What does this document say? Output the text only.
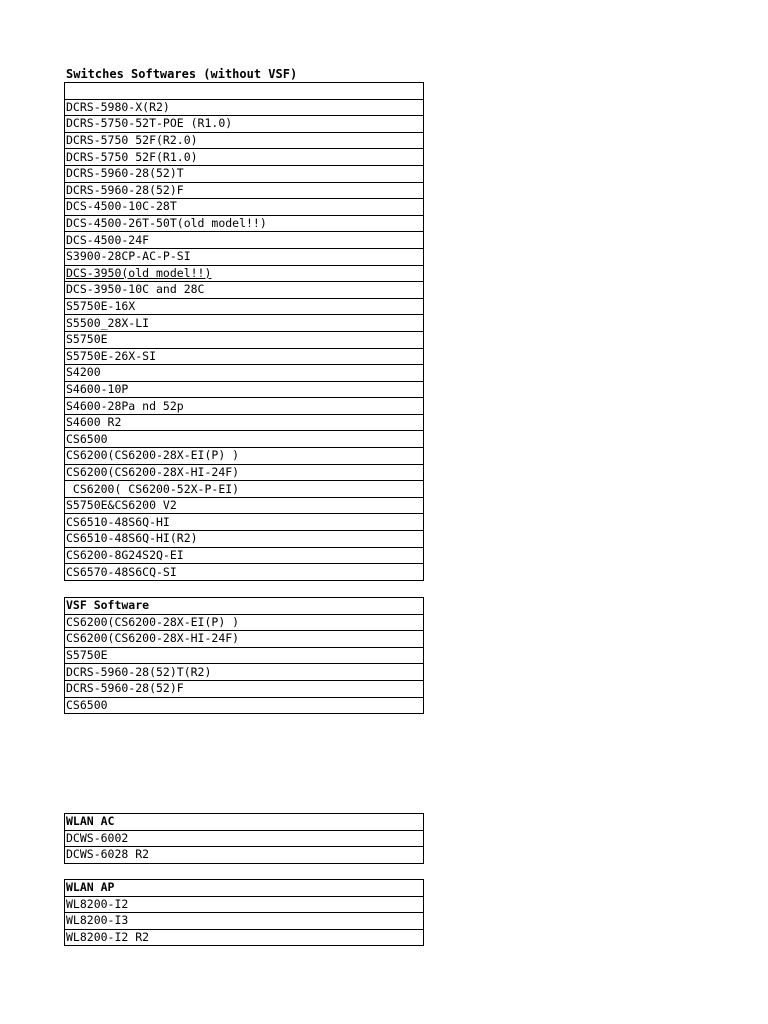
Switches Softwares (without VSF)

DCRS-5980-X(R2)
DCRS-5750-52T-POE (R1.0)
DCRS-5750 52F(R2.0)
DCRS-5750 52F(R1.0)
DCRS-5960-28(52)T
DCRS-5960-28(52)F
DCS-4500-10C-28T
DCS-4500-26T-50T(old model!!)
DCS-4500-24F
S3900-28CP-AC-P-SI
DCS-3950(old model!!)
DCS-3950-10C and 28C
S5750E-16X
S5500_28X-LI
S5750E
S5750E-26X-SI
S4200
S4600-10P
S4600-28Pa nd 52p
S4600 R2
CS6500
CS6200(CS6200-28X-EI(P) )
CS6200(CS6200-28X-HI-24F)
CS6200( CS6200-52X-P-EI)
S5750E&CS6200 V2
CS6510-48S6Q-HI
CS6510-48S6Q-HI(R2)
CS6200-8G24S2Q-EI
CS6570-48S6CQ-SI
VSF Software
CS6200(CS6200-28X-EI(P) )
CS6200(CS6200-28X-HI-24F)
S5750E
DCRS-5960-28(52)T(R2)
DCRS-5960-28(52)F
CS6500
WLAN AC
DCWS-6002
DCWS-6028 R2
WLAN AP
WL8200-I2
WL8200-I3
WL8200-I2 R2
